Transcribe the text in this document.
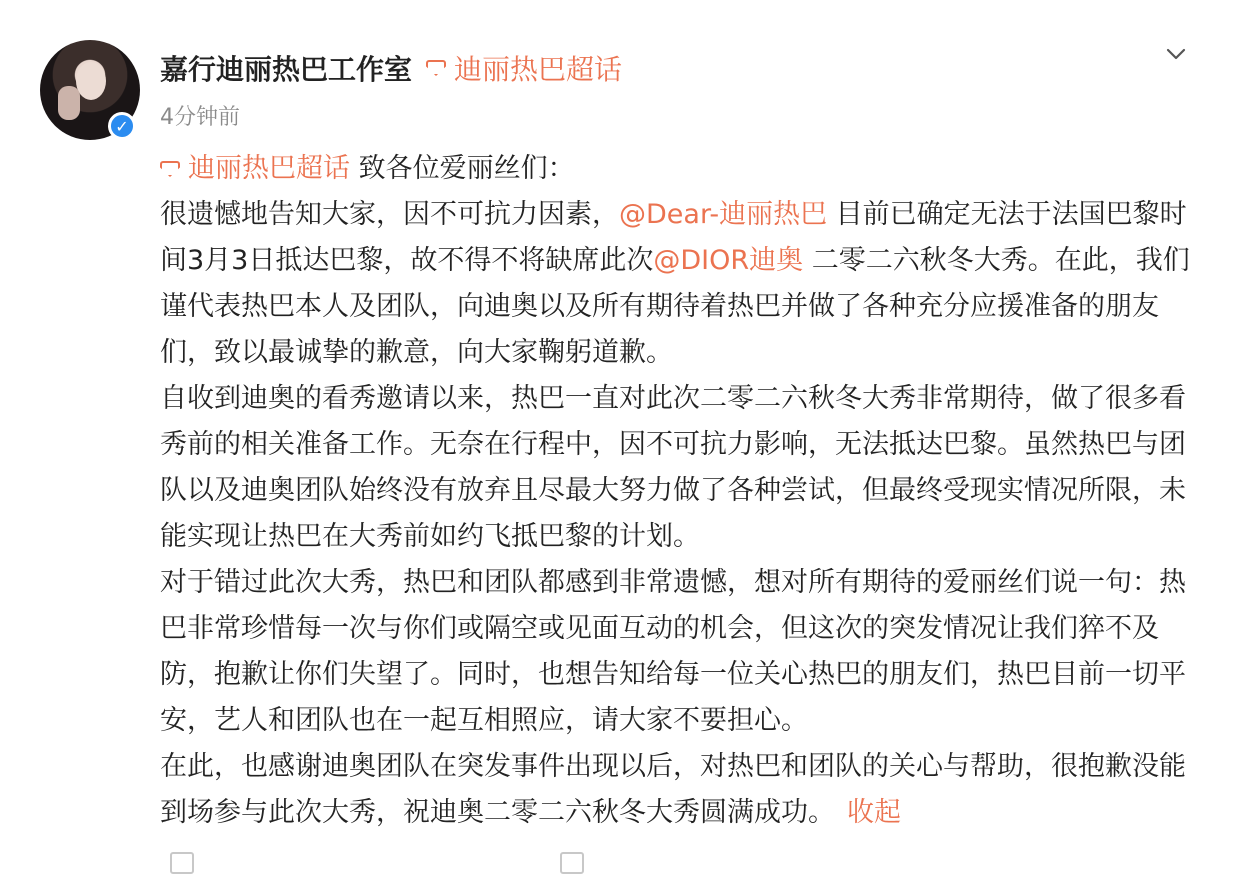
✓
嘉行迪丽热巴工作室 迪丽热巴超话
4分钟前

迪丽热巴超话 致各位爱丽丝们：

很遗憾地告知大家，因不可抗力因素，@Dear-迪丽热巴 目前已确定无法于法国巴黎时间3月3日抵达巴黎，故不得不将缺席此次@DIOR迪奥 二零二六秋冬大秀。在此，我们谨代表热巴本人及团队，向迪奥以及所有期待着热巴并做了各种充分应援准备的朋友们，致以最诚挚的歉意，向大家鞠躬道歉。

自收到迪奥的看秀邀请以来，热巴一直对此次二零二六秋冬大秀非常期待，做了很多看秀前的相关准备工作。无奈在行程中，因不可抗力影响，无法抵达巴黎。虽然热巴与团队以及迪奥团队始终没有放弃且尽最大努力做了各种尝试，但最终受现实情况所限，未能实现让热巴在大秀前如约飞抵巴黎的计划。

对于错过此次大秀，热巴和团队都感到非常遗憾，想对所有期待的爱丽丝们说一句：热巴非常珍惜每一次与你们或隔空或见面互动的机会，但这次的突发情况让我们猝不及防，抱歉让你们失望了。同时，也想告知给每一位关心热巴的朋友们，热巴目前一切平安，艺人和团队也在一起互相照应，请大家不要担心。

在此，也感谢迪奥团队在突发事件出现以后，对热巴和团队的关心与帮助，很抱歉没能到场参与此次大秀，祝迪奥二零二六秋冬大秀圆满成功。 收起
